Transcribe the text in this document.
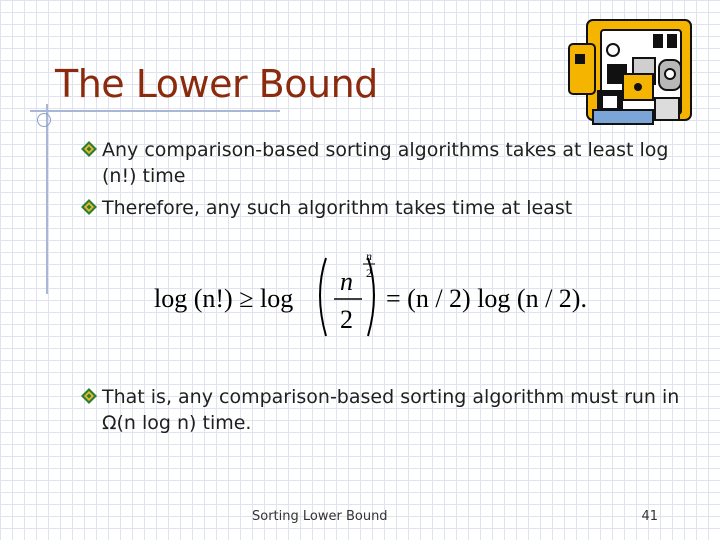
The Lower Bound
Any comparison-based sorting algorithms takes at least log (n!) time
Therefore, any such algorithm takes time at least
log (n!) ≥ log
n
2
n
2
= (n / 2) log (n / 2).
That is, any comparison-based sorting algorithm must run in Ω(n log n) time.
Sorting Lower Bound	41
